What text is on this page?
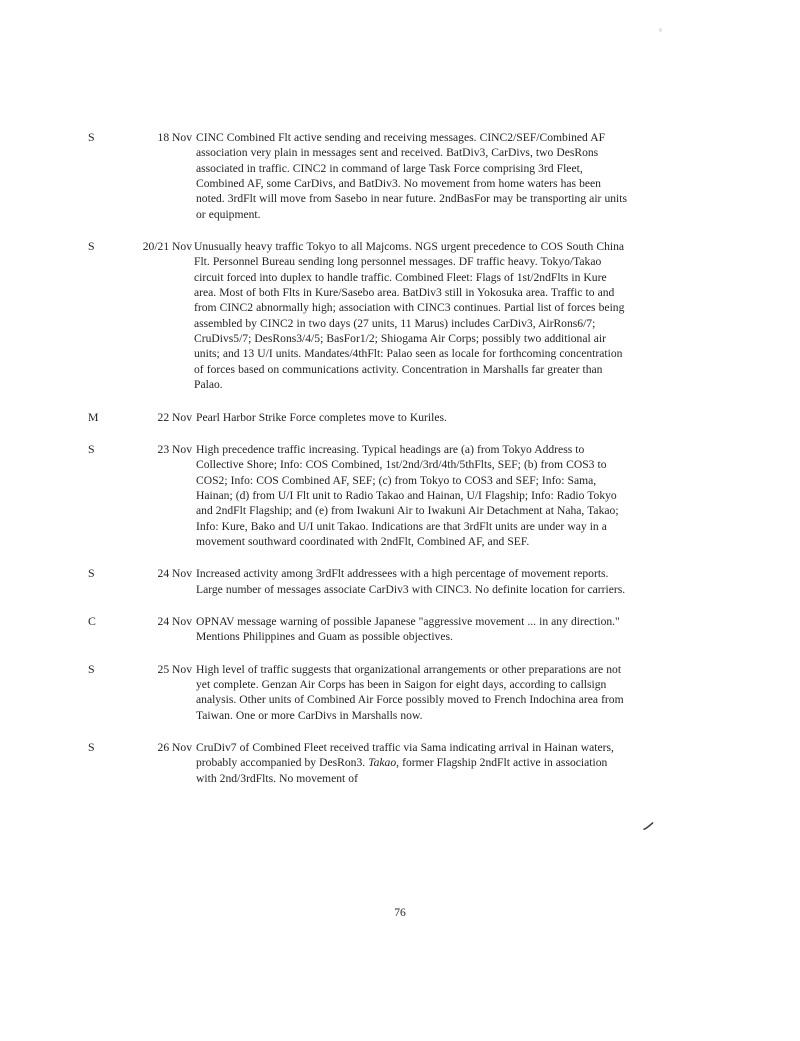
S	18 Nov CINC Combined Flt active sending and receiving messages. CINC2/SEF/Combined AF association very plain in messages sent and received. BatDiv3, CarDivs, two DesRons associated in traffic. CINC2 in command of large Task Force comprising 3rd Fleet, Combined AF, some CarDivs, and BatDiv3. No movement from home waters has been noted. 3rdFlt will move from Sasebo in near future. 2ndBasFor may be transporting air units or equipment.

S	20/21 Nov Unusually heavy traffic Tokyo to all Majcoms. NGS urgent precedence to COS South China Flt. Personnel Bureau sending long personnel messages. DF traffic heavy. Tokyo/Takao circuit forced into duplex to handle traffic. Combined Fleet: Flags of 1st/2ndFlts in Kure area. Most of both Flts in Kure/Sasebo area. BatDiv3 still in Yokosuka area. Traffic to and from CINC2 abnormally high; association with CINC3 continues. Partial list of forces being assembled by CINC2 in two days (27 units, 11 Marus) includes CarDiv3, AirRons6/7; CruDivs5/7; DesRons3/4/5; BasFor1/2; Shiogama Air Corps; possibly two additional air units; and 13 U/I units. Mandates/4thFlt: Palao seen as locale for forthcoming concentration of forces based on communications activity. Concentration in Marshalls far greater than Palao.

M	22 Nov Pearl Harbor Strike Force completes move to Kuriles.

S	23 Nov High precedence traffic increasing. Typical headings are (a) from Tokyo Address to Collective Shore; Info: COS Combined, 1st/2nd/3rd/4th/5thFlts, SEF; (b) from COS3 to COS2; Info: COS Combined AF, SEF; (c) from Tokyo to COS3 and SEF; Info: Sama, Hainan; (d) from U/I Flt unit to Radio Takao and Hainan, U/I Flagship; Info: Radio Tokyo and 2ndFlt Flagship; and (e) from Iwakuni Air to Iwakuni Air Detachment at Naha, Takao; Info: Kure, Bako and U/I unit Takao. Indications are that 3rdFlt units are under way in a movement southward coordinated with 2ndFlt, Combined AF, and SEF.

S	24 Nov Increased activity among 3rdFlt addressees with a high percentage of movement reports. Large number of messages associate CarDiv3 with CINC3. No definite location for carriers.

C	24 Nov OPNAV message warning of possible Japanese "aggressive movement ... in any direction." Mentions Philippines and Guam as possible objectives.

S	25 Nov High level of traffic suggests that organizational arrangements or other preparations are not yet complete. Genzan Air Corps has been in Saigon for eight days, according to callsign analysis. Other units of Combined Air Force possibly moved to French Indochina area from Taiwan. One or more CarDivs in Marshalls now.

S	26 Nov CruDiv7 of Combined Fleet received traffic via Sama indicating arrival in Hainan waters, probably accompanied by DesRon3. Takao, former Flagship 2ndFlt active in association with 2nd/3rdFlts. No movement of

76
